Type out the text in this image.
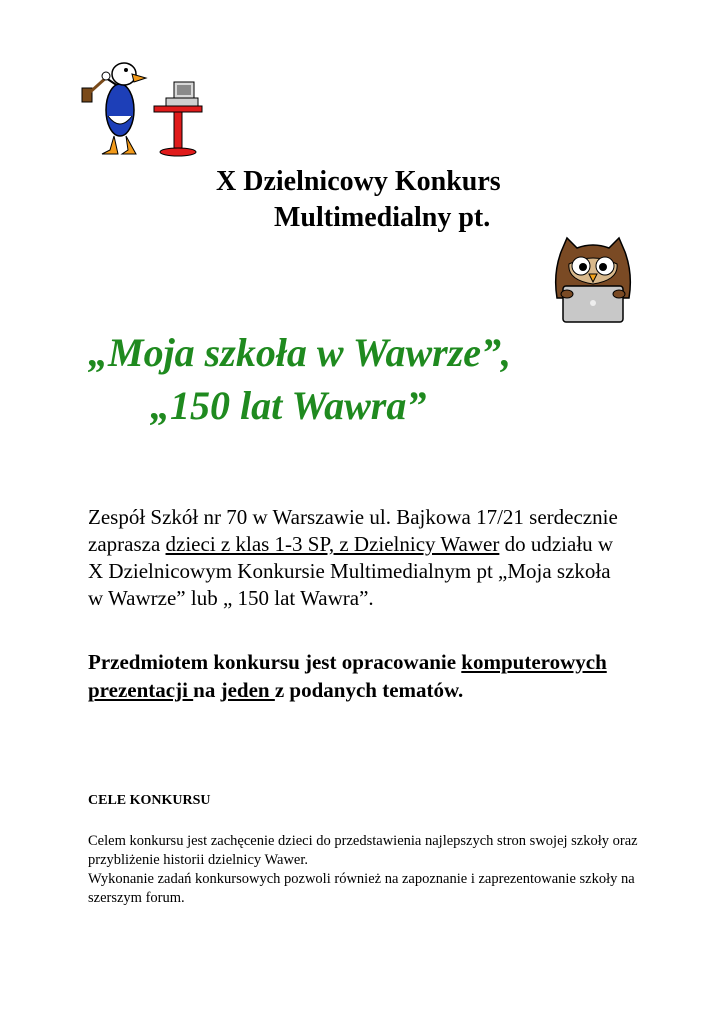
X Dzielnicowy Konkurs
Multimedialny pt.
„Moja szkoła w Wawrze”,
„150 lat Wawra”
Zespół Szkół nr 70 w Warszawie ul. Bajkowa 17/21 serdecznie zaprasza dzieci z klas 1-3 SP, z Dzielnicy Wawer do udziału w X Dzielnicowym Konkursie Multimedialnym pt „Moja szkoła w Wawrze” lub „ 150 lat Wawra”.
Przedmiotem konkursu jest opracowanie komputerowych prezentacji na jeden z podanych tematów.
CELE KONKURSU

Celem konkursu jest zachęcenie dzieci do przedstawienia najlepszych stron swojej szkoły oraz przybliżenie historii dzielnicy Wawer.

Wykonanie zadań konkursowych pozwoli również na zapoznanie i zaprezentowanie szkoły na szerszym forum.
